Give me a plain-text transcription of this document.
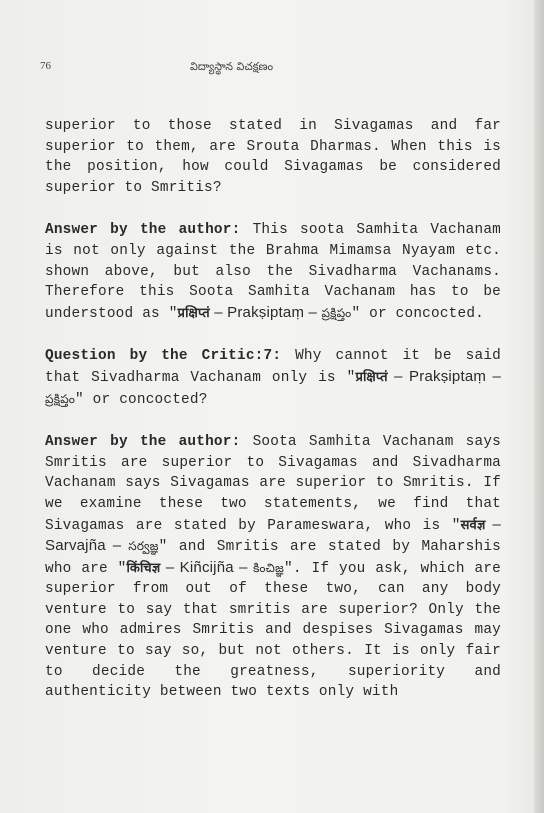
76	విద్యాస్థాన విచక్షణం

superior to those stated in Sivagamas and far superior to them, are Srouta Dharmas. When this is the position, how could Sivagamas be considered superior to Smritis?

Answer by the author: This soota Samhita Vachanam is not only against the Brahma Mimamsa Nyayam etc. shown above, but also the Sivadharma Vachanams. Therefore this Soota Samhita Vachanam has to be understood as "प्रक्षिप्तं – Prakṣiptaṃ – ప్రక్షిప్తం" or concocted.

Question by the Critic:7: Why cannot it be said that Sivadharma Vachanam only is "प्रक्षिप्तं – Prakṣiptaṃ – ప్రక్షిప్తం" or concocted?

Answer by the author: Soota Samhita Vachanam says Smritis are superior to Sivagamas and Sivadharma Vachanam says Sivagamas are superior to Smritis. If we examine these two statements, we find that Sivagamas are stated by Parameswara, who is "सर्वज्ञ – Sarvajña – సర్వజ్ఞ" and Smritis are stated by Maharshis who are "किंचिज्ञ – Kiñcijña – కించిజ్ఞ". If you ask, which are superior from out of these two, can any body venture to say that smritis are superior? Only the one who admires Smritis and despises Sivagamas may venture to say so, but not others. It is only fair to decide the greatness, superiority and authenticity between two texts only with
